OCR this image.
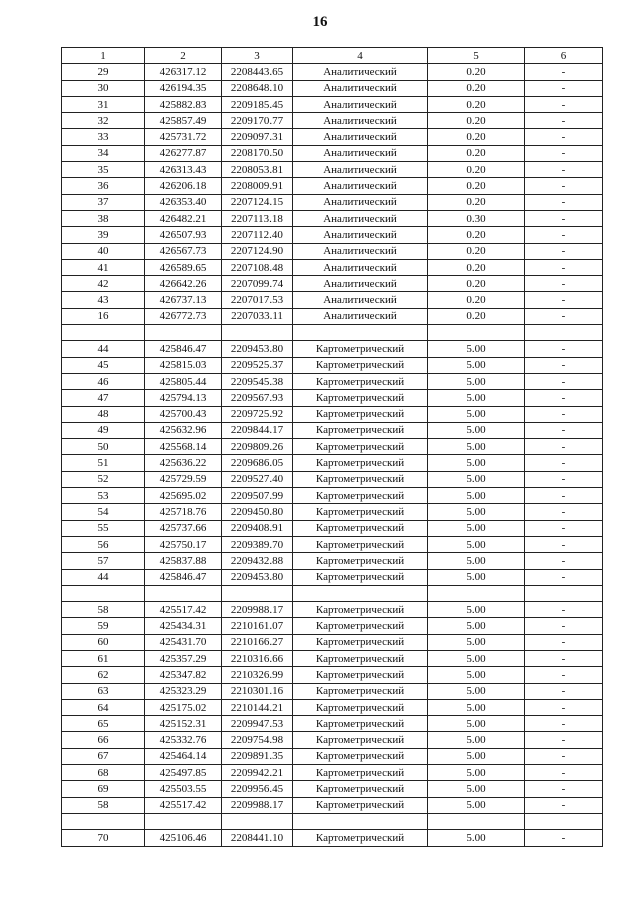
16
1	2	3	4	5	6
29	426317.12	2208443.65	Аналитический	0.20	-
30	426194.35	2208648.10	Аналитический	0.20	-
31	425882.83	2209185.45	Аналитический	0.20	-
32	425857.49	2209170.77	Аналитический	0.20	-
33	425731.72	2209097.31	Аналитический	0.20	-
34	426277.87	2208170.50	Аналитический	0.20	-
35	426313.43	2208053.81	Аналитический	0.20	-
36	426206.18	2208009.91	Аналитический	0.20	-
37	426353.40	2207124.15	Аналитический	0.20	-
38	426482.21	2207113.18	Аналитический	0.30	-
39	426507.93	2207112.40	Аналитический	0.20	-
40	426567.73	2207124.90	Аналитический	0.20	-
41	426589.65	2207108.48	Аналитический	0.20	-
42	426642.26	2207099.74	Аналитический	0.20	-
43	426737.13	2207017.53	Аналитический	0.20	-
16	426772.73	2207033.11	Аналитический	0.20	-

44	425846.47	2209453.80	Картометрический	5.00	-
45	425815.03	2209525.37	Картометрический	5.00	-
46	425805.44	2209545.38	Картометрический	5.00	-
47	425794.13	2209567.93	Картометрический	5.00	-
48	425700.43	2209725.92	Картометрический	5.00	-
49	425632.96	2209844.17	Картометрический	5.00	-
50	425568.14	2209809.26	Картометрический	5.00	-
51	425636.22	2209686.05	Картометрический	5.00	-
52	425729.59	2209527.40	Картометрический	5.00	-
53	425695.02	2209507.99	Картометрический	5.00	-
54	425718.76	2209450.80	Картометрический	5.00	-
55	425737.66	2209408.91	Картометрический	5.00	-
56	425750.17	2209389.70	Картометрический	5.00	-
57	425837.88	2209432.88	Картометрический	5.00	-
44	425846.47	2209453.80	Картометрический	5.00	-

58	425517.42	2209988.17	Картометрический	5.00	-
59	425434.31	2210161.07	Картометрический	5.00	-
60	425431.70	2210166.27	Картометрический	5.00	-
61	425357.29	2210316.66	Картометрический	5.00	-
62	425347.82	2210326.99	Картометрический	5.00	-
63	425323.29	2210301.16	Картометрический	5.00	-
64	425175.02	2210144.21	Картометрический	5.00	-
65	425152.31	2209947.53	Картометрический	5.00	-
66	425332.76	2209754.98	Картометрический	5.00	-
67	425464.14	2209891.35	Картометрический	5.00	-
68	425497.85	2209942.21	Картометрический	5.00	-
69	425503.55	2209956.45	Картометрический	5.00	-
58	425517.42	2209988.17	Картометрический	5.00	-

70	425106.46	2208441.10	Картометрический	5.00	-
